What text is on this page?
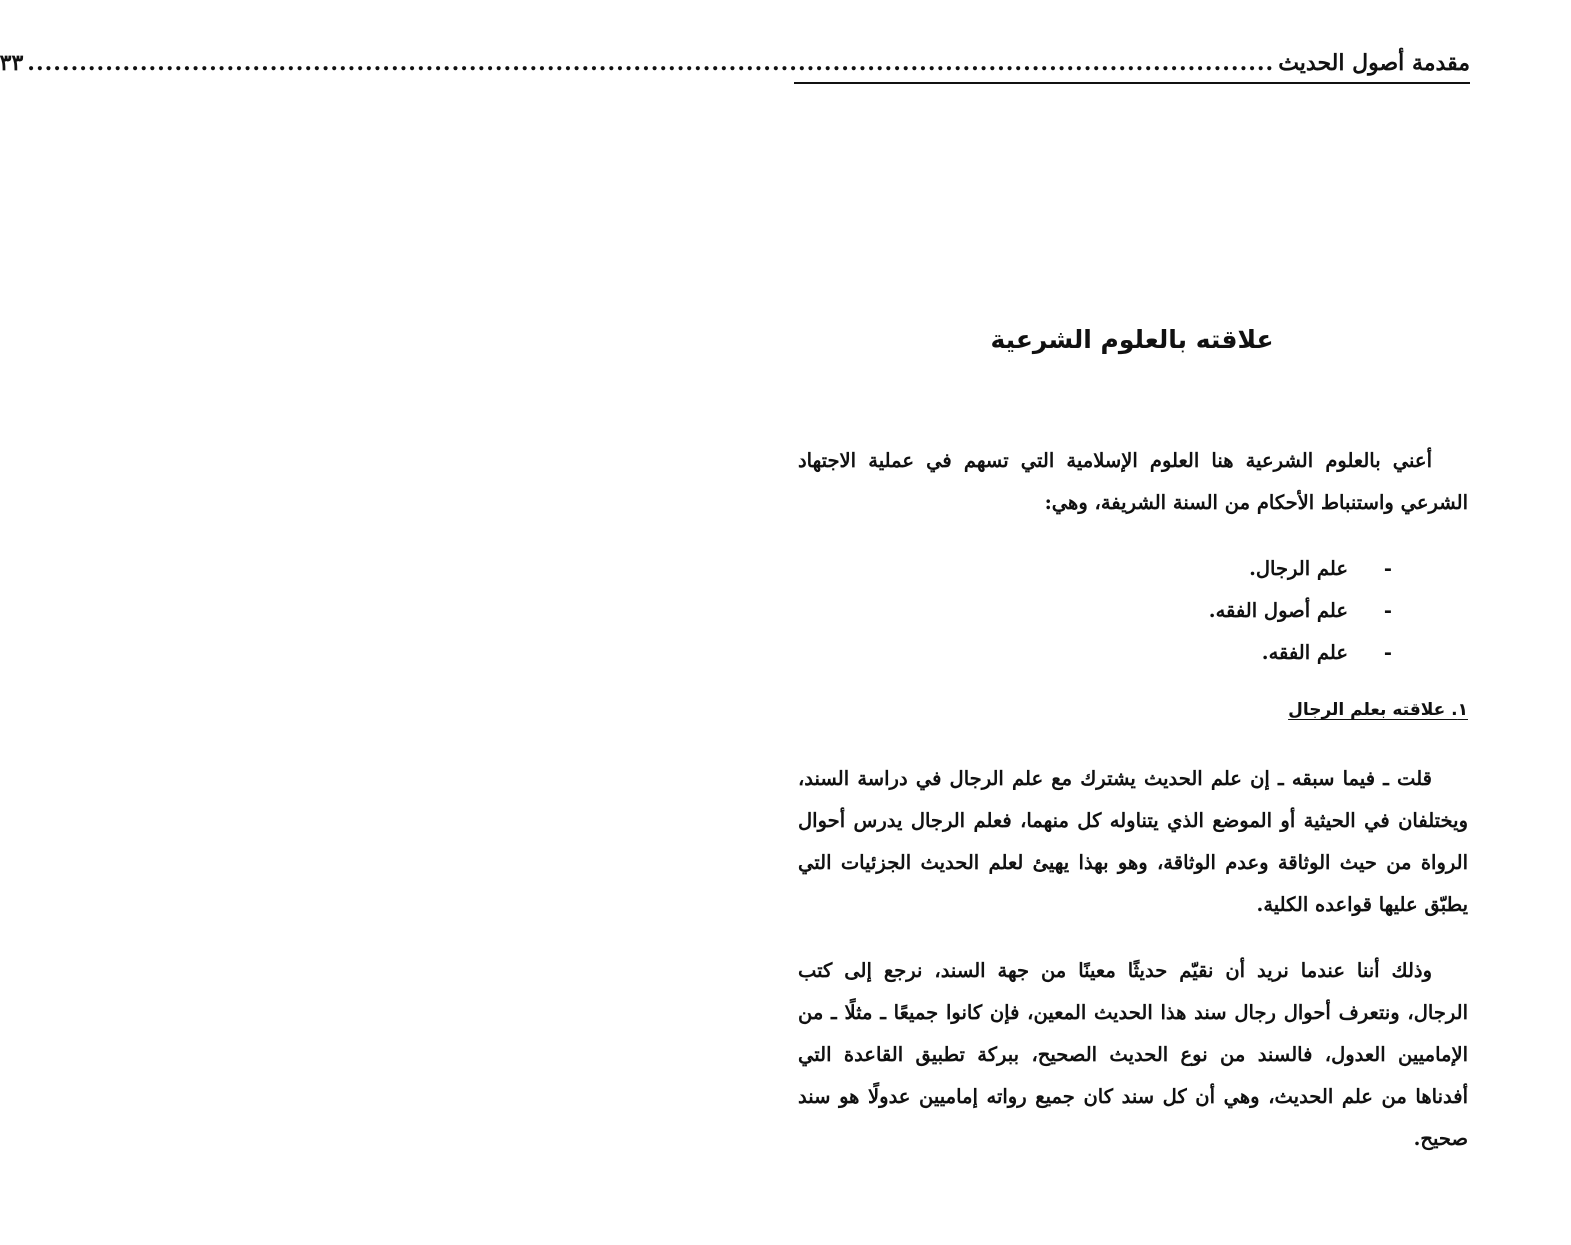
مقدمة أصول الحديث
................................................................................................................................................
٣٣
علاقته بالعلوم الشرعية

أعني بالعلوم الشرعية هنا العلوم الإسلامية التي تسهم في عملية الاجتهاد الشرعي واستنباط الأحكام من السنة الشريفة، وهي:

-علم الرجال.
-علم أصول الفقه.
-علم الفقه.
١. علاقته بعلم الرجال

قلت ـ فيما سبقه ـ إن علم الحديث يشترك مع علم الرجال في دراسة السند، ويختلفان في الحيثية أو الموضع الذي يتناوله كل منهما، فعلم الرجال يدرس أحوال الرواة من حيث الوثاقة وعدم الوثاقة، وهو بهذا يهيئ لعلم الحديث الجزئيات التي يطبّق عليها قواعده الكلية.

وذلك أننا عندما نريد أن نقيّم حديثًا معينًا من جهة السند، نرجع إلى كتب الرجال، ونتعرف أحوال رجال سند هذا الحديث المعين، فإن كانوا جميعًا ـ مثلًا ـ من الإماميين العدول، فالسند من نوع الحديث الصحيح، ببركة تطبيق القاعدة التي أفدناها من علم الحديث، وهي أن كل سند كان جميع رواته إماميين عدولًا هو سند صحيح.
